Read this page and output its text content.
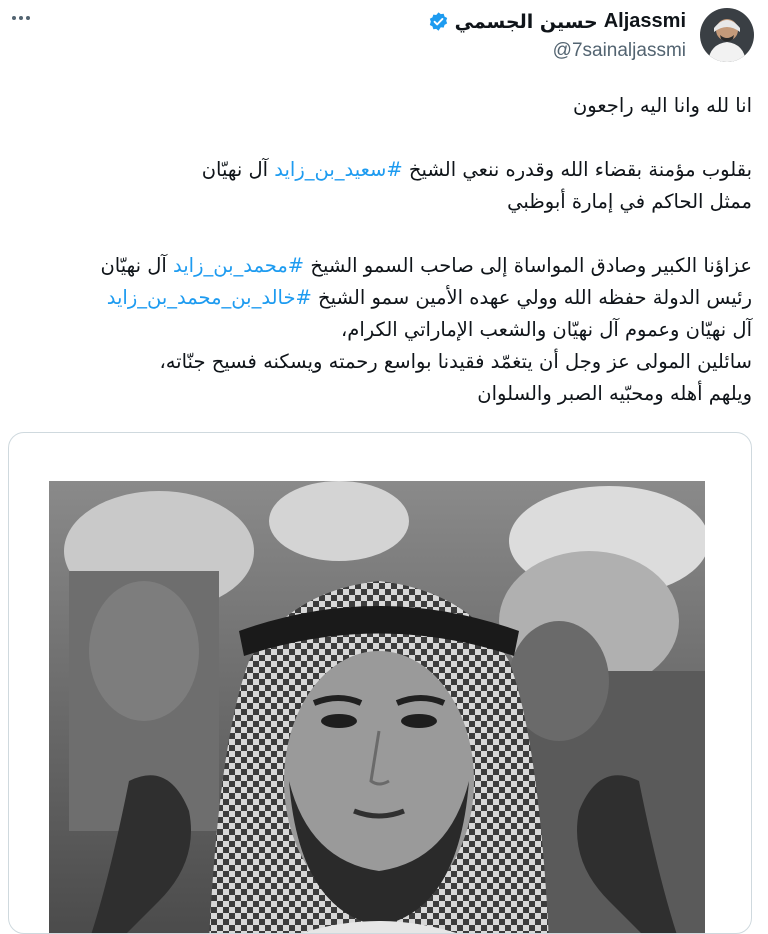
حسين الجسمي Aljassmi
@7sainaljassmi

انا لله وانا اليه راجعون

بقلوب مؤمنة بقضاء الله وقدره ننعي الشيخ #سعيد_بن_زايد آل نهيّان

ممثل الحاكم في إمارة أبوظبي

عزاؤنا الكبير وصادق المواساة إلى صاحب السمو الشيخ #محمد_بن_زايد آل نهيّان

رئيس الدولة حفظه الله وولي عهده الأمين سمو الشيخ #خالد_بن_محمد_بن_زايد

آل نهيّان وعموم آل نهيّان والشعب الإماراتي الكرام،

سائلين المولى عز وجل أن يتغمّد فقيدنا بواسع رحمته ويسكنه فسيح جنّاته،

ويلهم أهله ومحبّيه الصبر والسلوان
